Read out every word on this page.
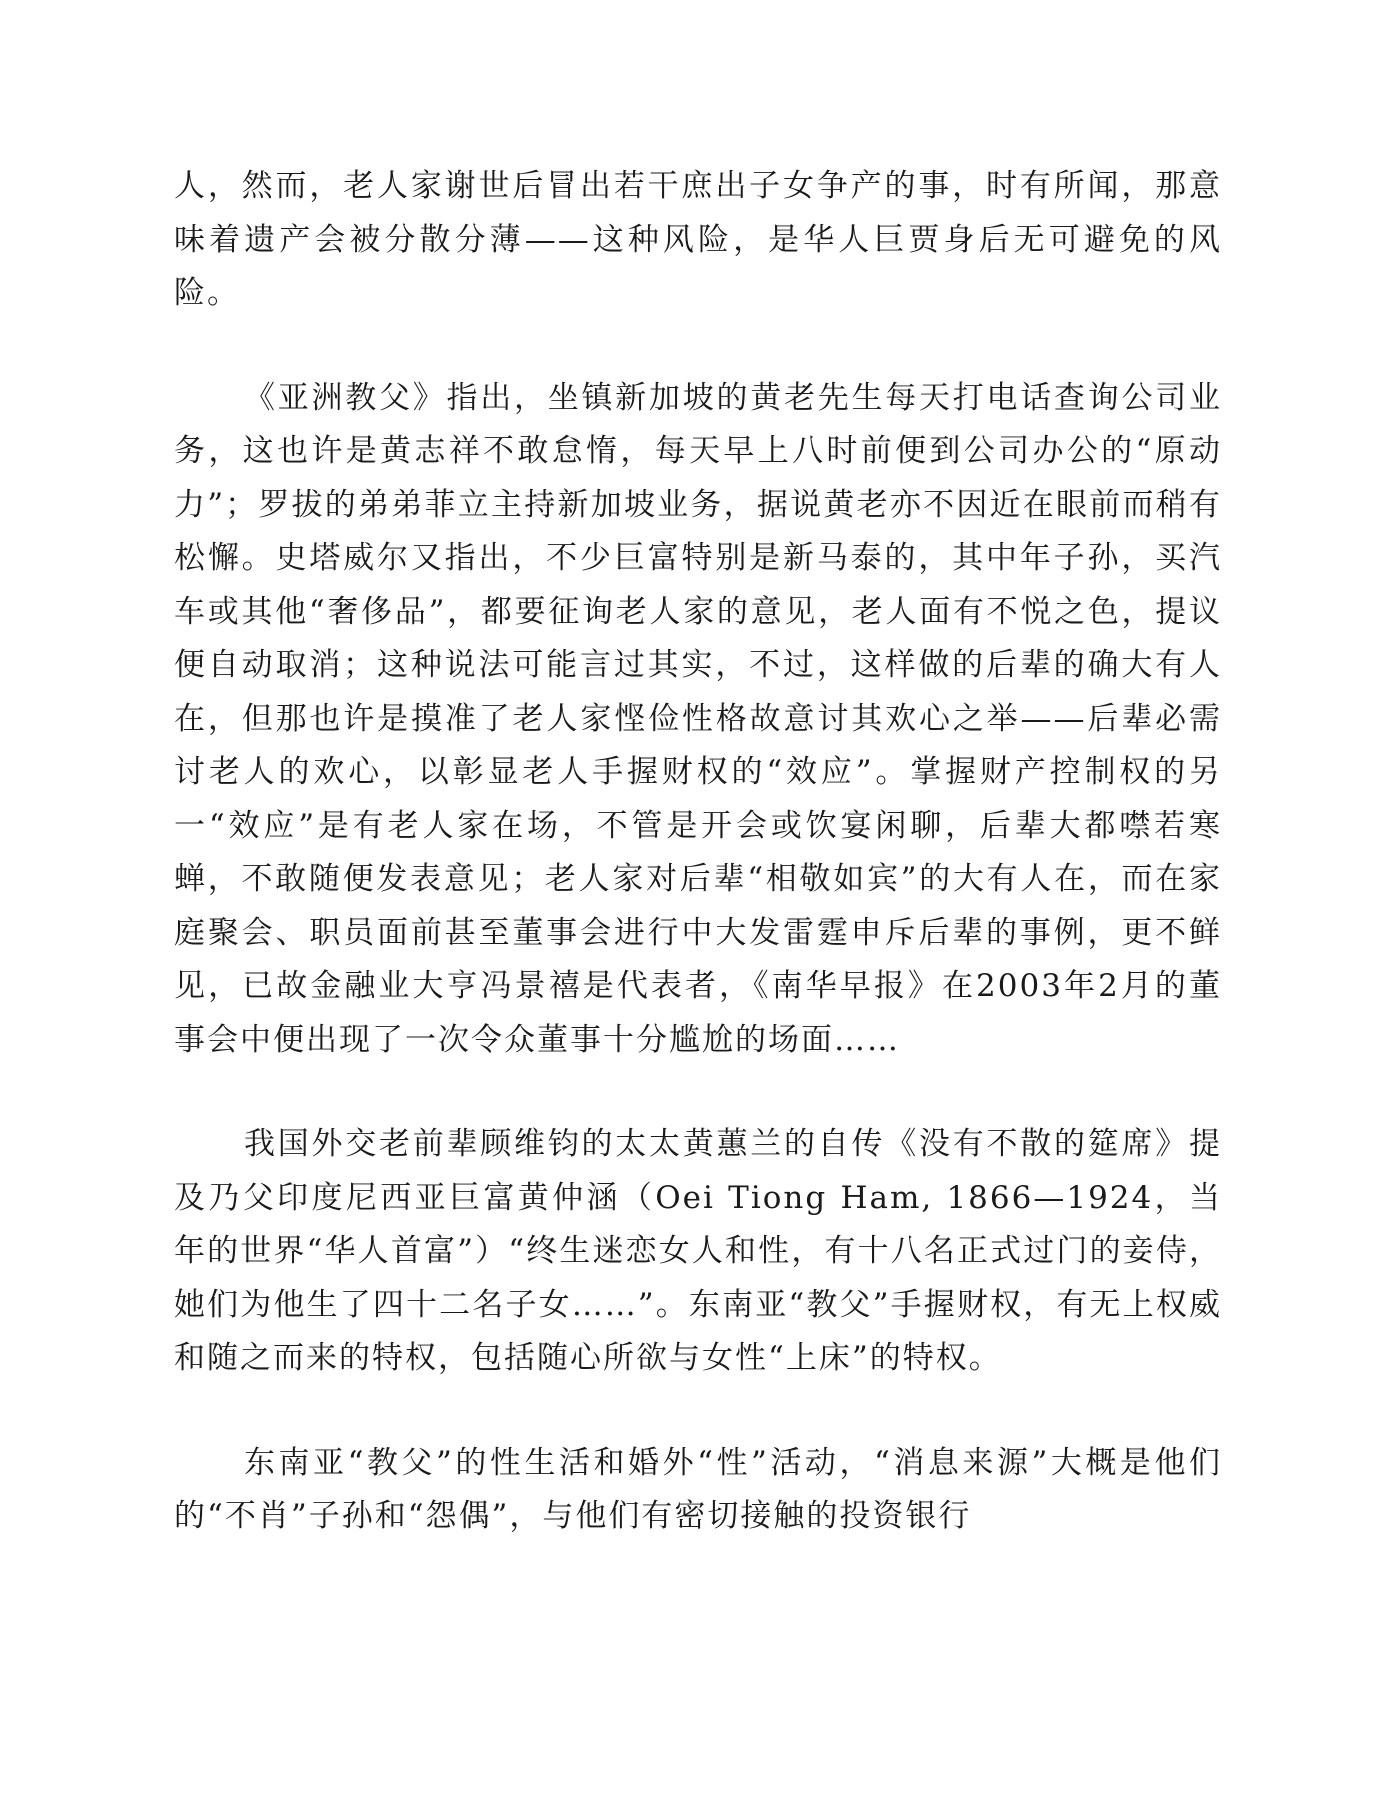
人，然而，老人家谢世后冒出若干庶出子女争产的事，时有所闻，那意味着遗产会被分散分薄——这种风险，是华人巨贾身后无可避免的风险。

《亚洲教父》指出，坐镇新加坡的黄老先生每天打电话查询公司业务，这也许是黄志祥不敢怠惰，每天早上八时前便到公司办公的“原动力”；罗拔的弟弟菲立主持新加坡业务，据说黄老亦不因近在眼前而稍有松懈。史塔威尔又指出，不少巨富特别是新马泰的，其中年子孙，买汽车或其他“奢侈品”，都要征询老人家的意见，老人面有不悦之色，提议便自动取消；这种说法可能言过其实，不过，这样做的后辈的确大有人在，但那也许是摸准了老人家悭俭性格故意讨其欢心之举——后辈必需讨老人的欢心，以彰显老人手握财权的“效应”。掌握财产控制权的另一“效应”是有老人家在场，不管是开会或饮宴闲聊，后辈大都噤若寒蝉，不敢随便发表意见；老人家对后辈“相敬如宾”的大有人在，而在家庭聚会、职员面前甚至董事会进行中大发雷霆申斥后辈的事例，更不鲜见，已故金融业大亨冯景禧是代表者，《南华早报》在2003年2月的董事会中便出现了一次令众董事十分尴尬的场面……

我国外交老前辈顾维钧的太太黄蕙兰的自传《没有不散的筵席》提及乃父印度尼西亚巨富黄仲涵（Oei Tiong Ham, 1866—1924，当年的世界“华人首富”）“终生迷恋女人和性，有十八名正式过门的妾侍，她们为他生了四十二名子女……”。东南亚“教父”手握财权，有无上权威和随之而来的特权，包括随心所欲与女性“上床”的特权。

东南亚“教父”的性生活和婚外“性”活动，“消息来源”大概是他们的“不肖”子孙和“怨偶”，与他们有密切接触的投资银行
